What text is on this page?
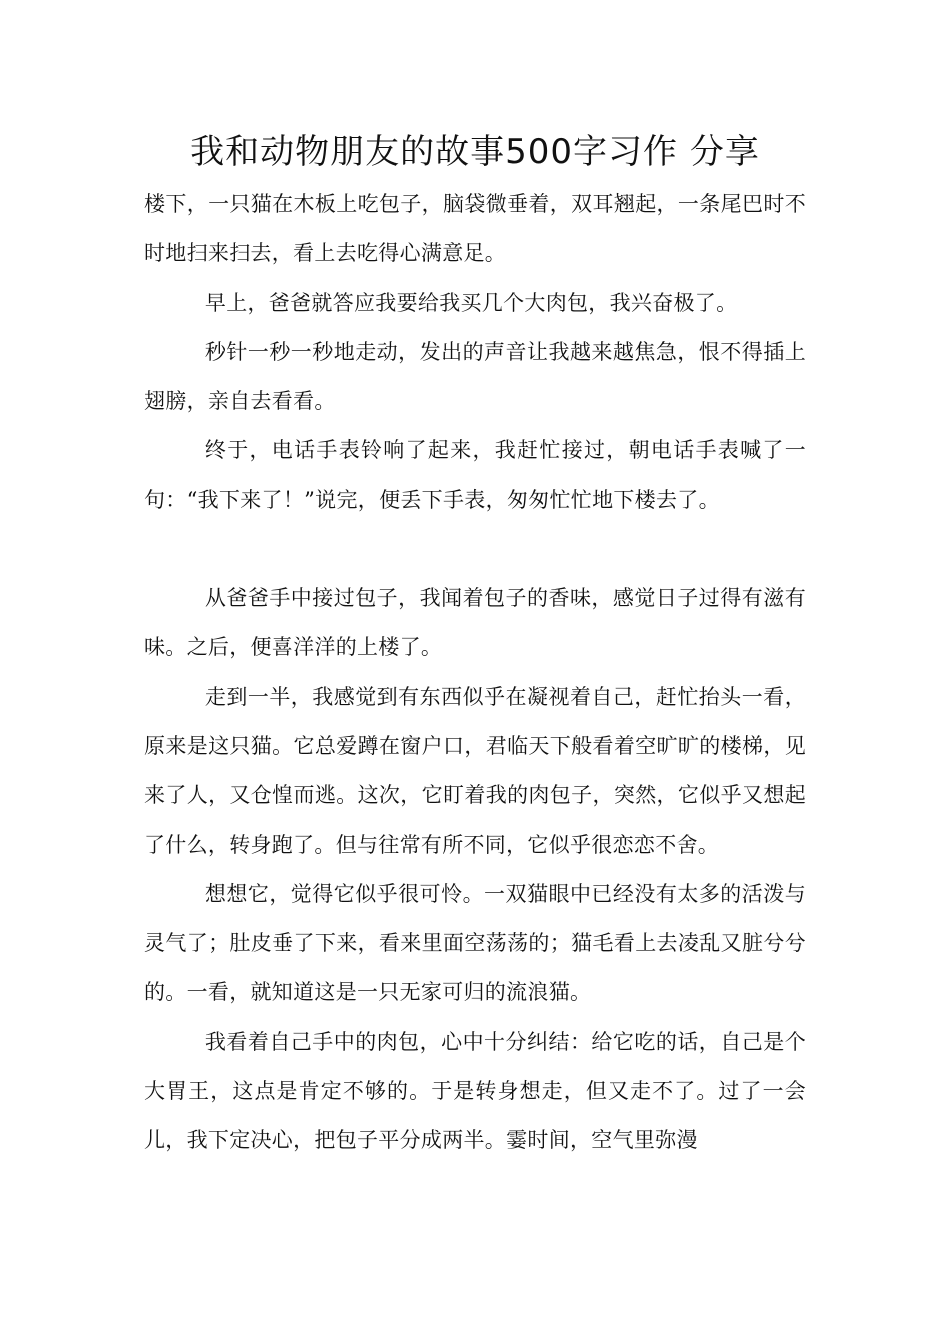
我和动物朋友的故事500字习作 分享

楼下，一只猫在木板上吃包子，脑袋微垂着，双耳翘起，一条尾巴时不时地扫来扫去，看上去吃得心满意足。

早上，爸爸就答应我要给我买几个大肉包，我兴奋极了。

秒针一秒一秒地走动，发出的声音让我越来越焦急，恨不得插上翅膀，亲自去看看。

终于，电话手表铃响了起来，我赶忙接过，朝电话手表喊了一句：“我下来了！”说完，便丢下手表，匆匆忙忙地下楼去了。

从爸爸手中接过包子，我闻着包子的香味，感觉日子过得有滋有味。之后，便喜洋洋的上楼了。

走到一半，我感觉到有东西似乎在凝视着自己，赶忙抬头一看，原来是这只猫。它总爱蹲在窗户口，君临天下般看着空旷旷的楼梯，见来了人，又仓惶而逃。这次，它盯着我的肉包子，突然，它似乎又想起了什么，转身跑了。但与往常有所不同，它似乎很恋恋不舍。

想想它，觉得它似乎很可怜。一双猫眼中已经没有太多的活泼与灵气了；肚皮垂了下来，看来里面空荡荡的；猫毛看上去凌乱又脏兮兮的。一看，就知道这是一只无家可归的流浪猫。

我看着自己手中的肉包，心中十分纠结：给它吃的话，自己是个大胃王，这点是肯定不够的。于是转身想走，但又走不了。过了一会儿，我下定决心，把包子平分成两半。霎时间，空气里弥漫
